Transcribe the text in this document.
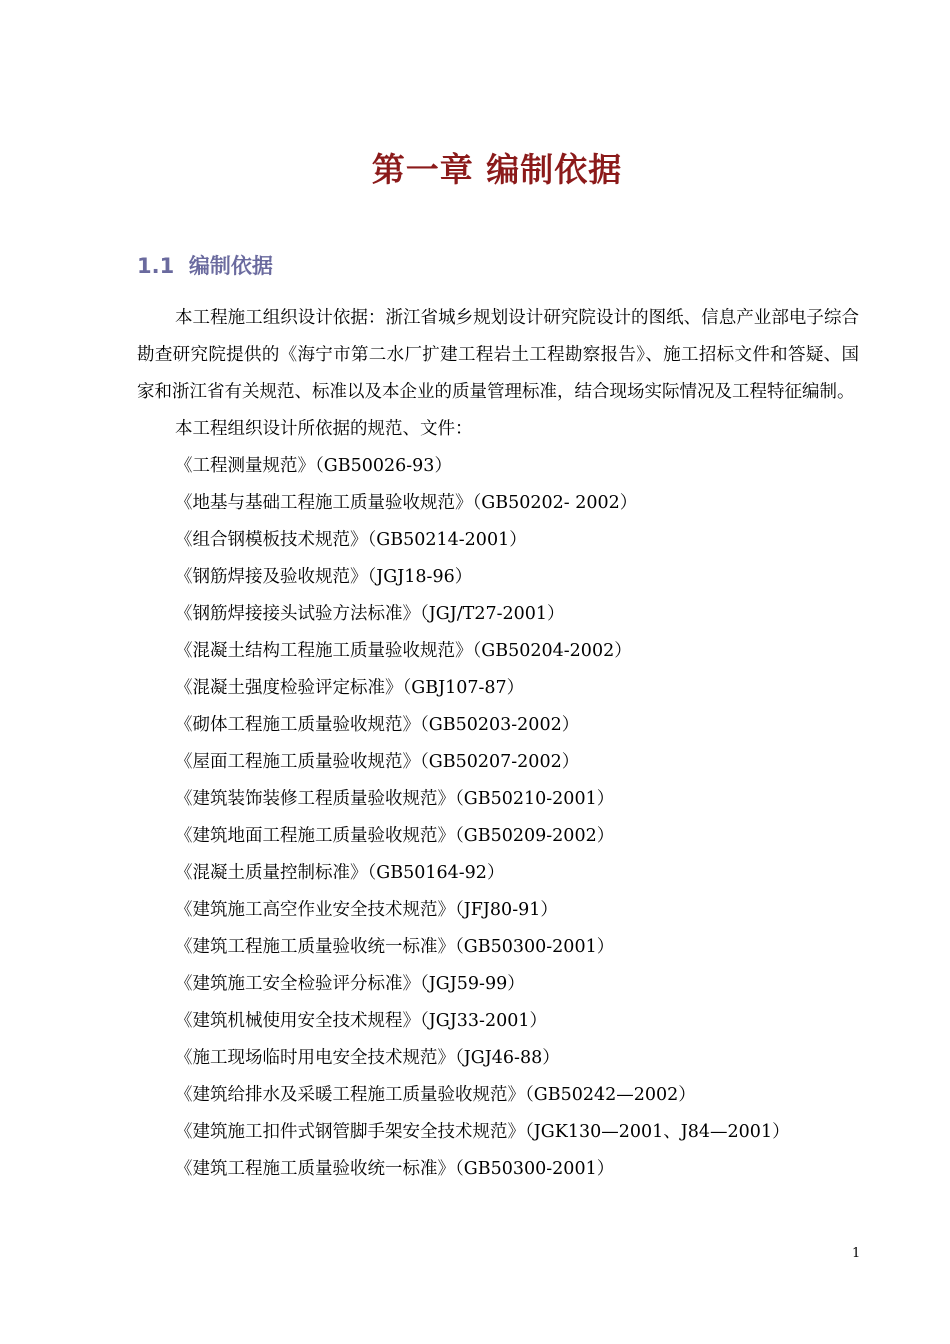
第一章 编制依据
1.1 编制依据

本工程施工组织设计依据：浙江省城乡规划设计研究院设计的图纸、信息产业部电子综合勘查研究院提供的《海宁市第二水厂扩建工程岩土工程勘察报告》、施工招标文件和答疑、国家和浙江省有关规范、标准以及本企业的质量管理标准，结合现场实际情况及工程特征编制。

本工程组织设计所依据的规范、文件：

《工程测量规范》（GB50026-93）
《地基与基础工程施工质量验收规范》（GB50202- 2002）
《组合钢模板技术规范》（GB50214-2001）
《钢筋焊接及验收规范》（JGJ18-96）
《钢筋焊接接头试验方法标准》（JGJ/T27-2001）
《混凝土结构工程施工质量验收规范》（GB50204-2002）
《混凝土强度检验评定标准》（GBJ107-87）
《砌体工程施工质量验收规范》（GB50203-2002）
《屋面工程施工质量验收规范》（GB50207-2002）
《建筑装饰装修工程质量验收规范》（GB50210-2001）
《建筑地面工程施工质量验收规范》（GB50209-2002）
《混凝土质量控制标准》（GB50164-92）
《建筑施工高空作业安全技术规范》（JFJ80-91）
《建筑工程施工质量验收统一标准》（GB50300-2001）
《建筑施工安全检验评分标准》（JGJ59-99）
《建筑机械使用安全技术规程》（JGJ33-2001）
《施工现场临时用电安全技术规范》（JGJ46-88）
《建筑给排水及采暖工程施工质量验收规范》（GB50242—2002）
《建筑施工扣件式钢管脚手架安全技术规范》（JGK130—2001、J84—2001）
《建筑工程施工质量验收统一标准》（GB50300-2001）
1
